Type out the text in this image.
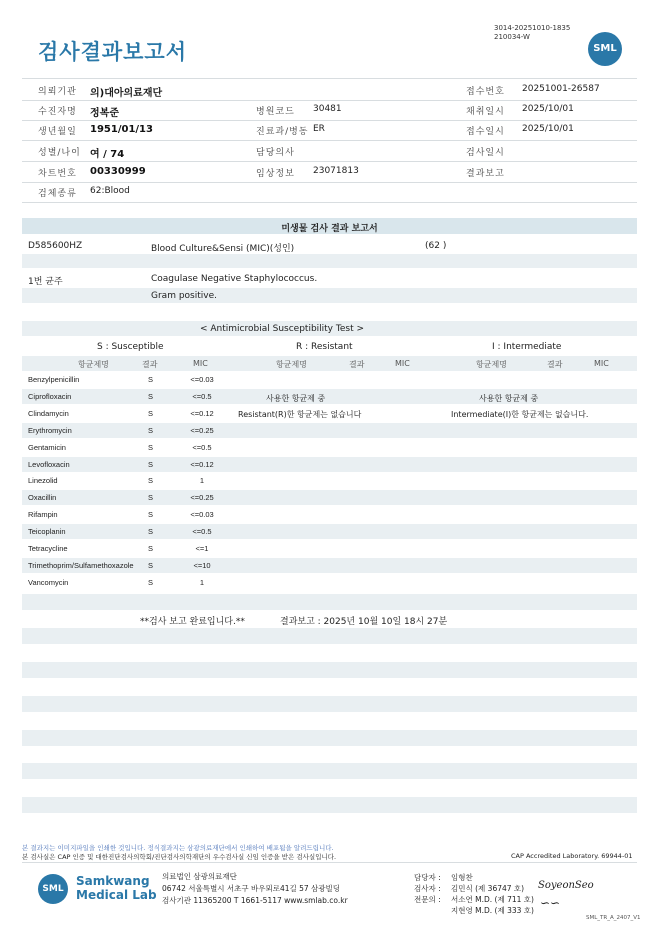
검사결과보고서
3014-20251010-1835
210034-W
SML
의뢰기관 의)대아의료재단	접수번호 20251001-26587
수진자명 정복준	병원코드 30481	채취일시 2025/10/01
생년월일 1951/01/13	진료과/병동 ER	접수일시 2025/10/01
성별/나이 여 / 74	담당의사	검사일시
차트번호 00330999	임상정보 23071813	결과보고
검체종류 62:Blood
미생물 검사 결과 보고서
D585600HZ	Blood Culture&Sensi (MIC)(성인)	(62 )
1번 균주	Coagulase Negative Staphylococcus.
Gram positive.
< Antimicrobial Susceptibility Test >
S : Susceptible	R : Resistant	I : Intermediate
항균제명	결과	MIC	항균제명	결과	MIC	항균제명	결과	MIC
Benzylpenicillin	S	<=0.03
Ciprofloxacin	S	<=0.5
Clindamycin	S	<=0.12
Erythromycin	S	<=0.25
Gentamicin	S	<=0.5
Levofloxacin	S	<=0.12
Linezolid	S	1
Oxacillin	S	<=0.25
Rifampin	S	<=0.03
Teicoplanin	S	<=0.5
Tetracycline	S	<=1
Trimethoprim/Sulfamethoxazole S	<=10
Vancomycin	S	1
사용한 항균제 중
Resistant(R)한 항균제는 없습니다
사용한 항균제 중
Intermediate(I)한 항균제는 없습니다.
**검사 보고 완료입니다.**	결과보고 : 2025년 10월 10일 18시 27분
본 결과지는 이미지파일을 인쇄한 것입니다. 정식결과지는 삼광의료재단에서 인쇄하여 배포됨을 알려드립니다.
본 검사실은 CAP 인증 및 대한진단검사의학회/진단검사의학재단의 우수검사실 신임 인증을 받은 검사실입니다.	CAP Accredited Laboratory. 69944-01
SML
Samkwang
Medical Lab
의료법인 삼광의료재단
06742 서울특별시 서초구 바우뫼로41길 57 삼광빌딩
검사기관 11365200 T 1661-5117 www.smlab.co.kr
담당자 : 임형찬
검사자 : 김민식 (제 36747 호)
전문의 : 서소연 M.D. (제 711 호)
지현영 M.D. (제 333 호)
SoyeonSeo
∽∽
SML_TR_A_2407_V1
